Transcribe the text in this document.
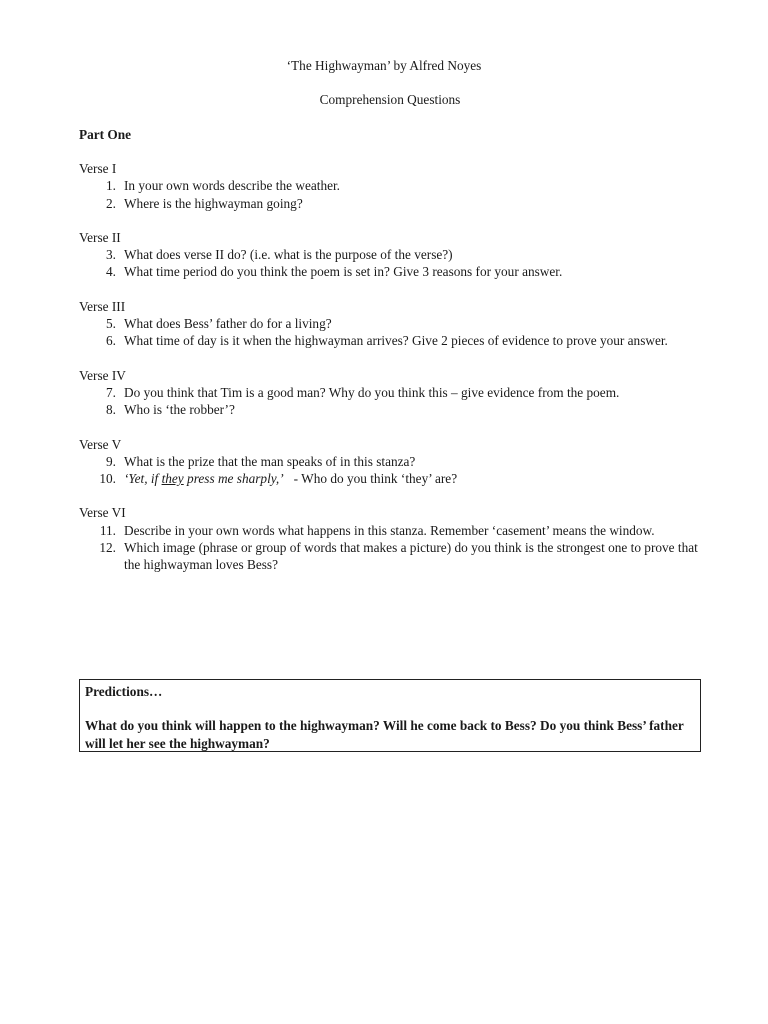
‘The Highwayman’ by Alfred Noyes
Comprehension Questions
Part One
Verse I
1. In your own words describe the weather.
2. Where is the highwayman going?
Verse II
3. What does verse II do? (i.e. what is the purpose of the verse?)
4. What time period do you think the poem is set in? Give 3 reasons for your answer.
Verse III
5. What does Bess’ father do for a living?
6. What time of day is it when the highwayman arrives? Give 2 pieces of evidence to prove your answer.
Verse IV
7. Do you think that Tim is a good man? Why do you think this – give evidence from the poem.
8. Who is ‘the robber’?
Verse V
9. What is the prize that the man speaks of in this stanza?
10. ‘Yet, if they press me sharply,’   - Who do you think ‘they’ are?
Verse VI
11. Describe in your own words what happens in this stanza. Remember ‘casement’ means the window.
12. Which image (phrase or group of words that makes a picture) do you think is the strongest one to prove that the highwayman loves Bess?
Predictions…
What do you think will happen to the highwayman? Will he come back to Bess? Do you think Bess’ father will let her see the highwayman?
